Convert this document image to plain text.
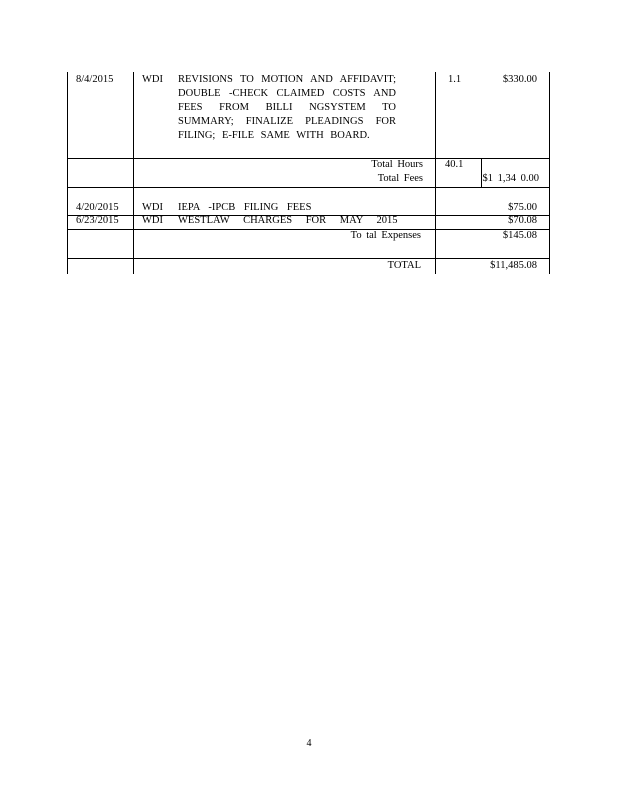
8/4/2015	WDI REVISIONS TO MOTION AND AFFIDAVIT;
DOUBLE -CHECK CLAIMED COSTS AND
FEES FROM BILLI NGSYSTEM TO
SUMMARY; FINALIZE PLEADINGS FOR
FILING; E-FILE SAME WITH BOARD.
1.1	$330.00
Total Hours 40.1
Total Fees	$1 1,34 0.00
4/20/2015 WDI IEPA -IPCB FILING FEES	$75.00
6/23/2015 WDI WESTLAW CHARGES FOR MAY 2015	$70.08
To tal Expenses	$145.08
TOTAL	$11,485.08
4
